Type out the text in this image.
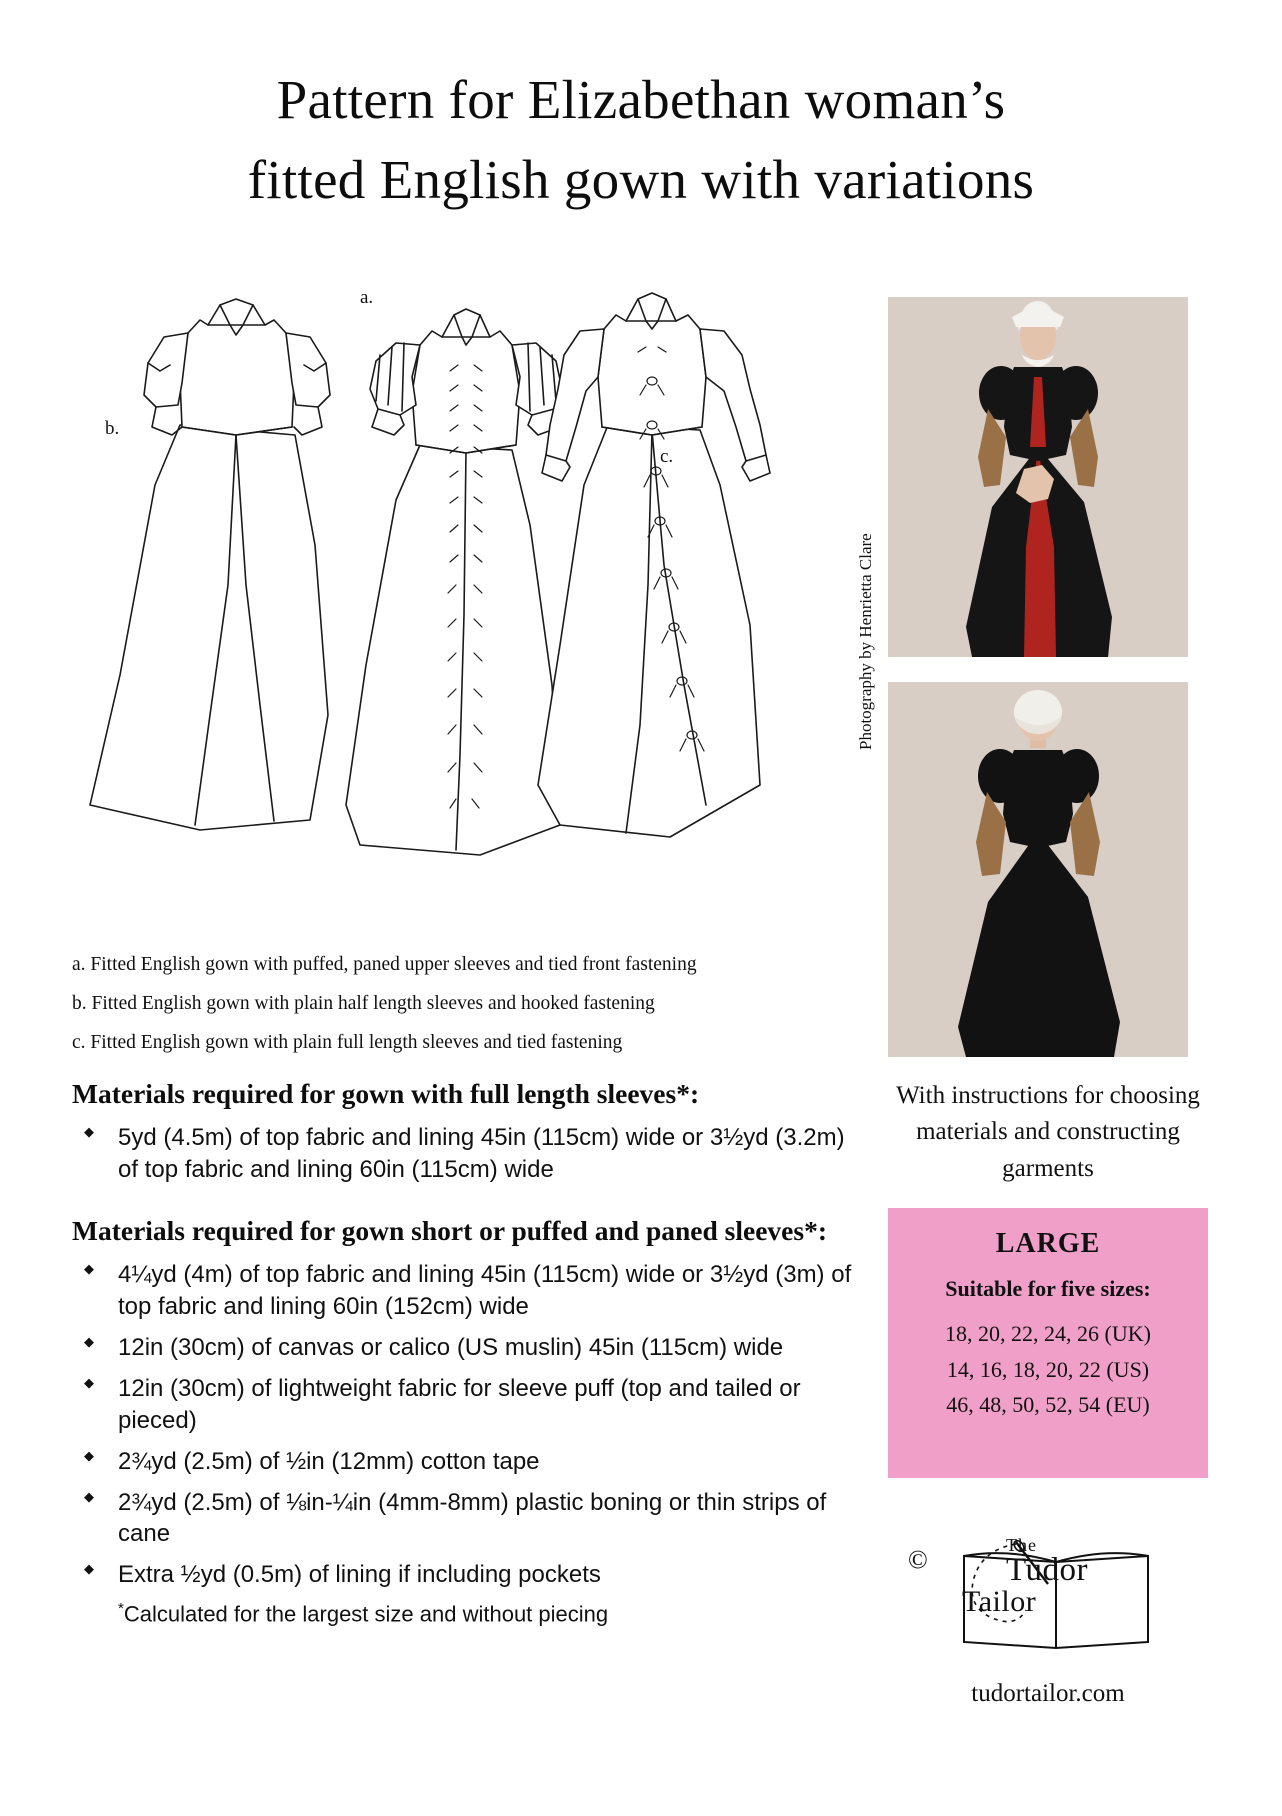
Pattern for Elizabethan woman’s
fitted English gown with variations
a.
b.
c.
a. Fitted English gown with puffed, paned upper sleeves and tied front fastening
b. Fitted English gown with plain half length sleeves and hooked fastening
c. Fitted English gown with plain full length sleeves and tied fastening
Materials required for gown with full length sleeves*:
◆ 5yd (4.5m) of top fabric and lining 45in (115cm) wide or 3½yd (3.2m) of top fabric and lining 60in (115cm) wide
Materials required for gown short or puffed and paned sleeves*:
◆ 4¼yd (4m) of top fabric and lining 45in (115cm) wide or 3½yd (3m) of top fabric and lining 60in (152cm) wide
◆ 12in (30cm) of canvas or calico (US muslin) 45in (115cm) wide
◆ 12in (30cm) of lightweight fabric for sleeve puff (top and tailed or pieced)
◆ 2¾yd (2.5m) of ½in (12mm) cotton tape
◆ 2¾yd (2.5m) of ⅛in-¼in (4mm-8mm) plastic boning or thin strips of cane
◆ Extra ½yd (0.5m) of lining if including pockets
*Calculated for the largest size and without piecing
Photography by Henrietta Clare
With instructions for choosing materials and constructing garments
LARGE
Suitable for five sizes:
18, 20, 22, 24, 26 (UK)
14, 16, 18, 20, 22 (US)
46, 48, 50, 52, 54 (EU)
©	The
Tudor
Tailor
tudortailor.com
